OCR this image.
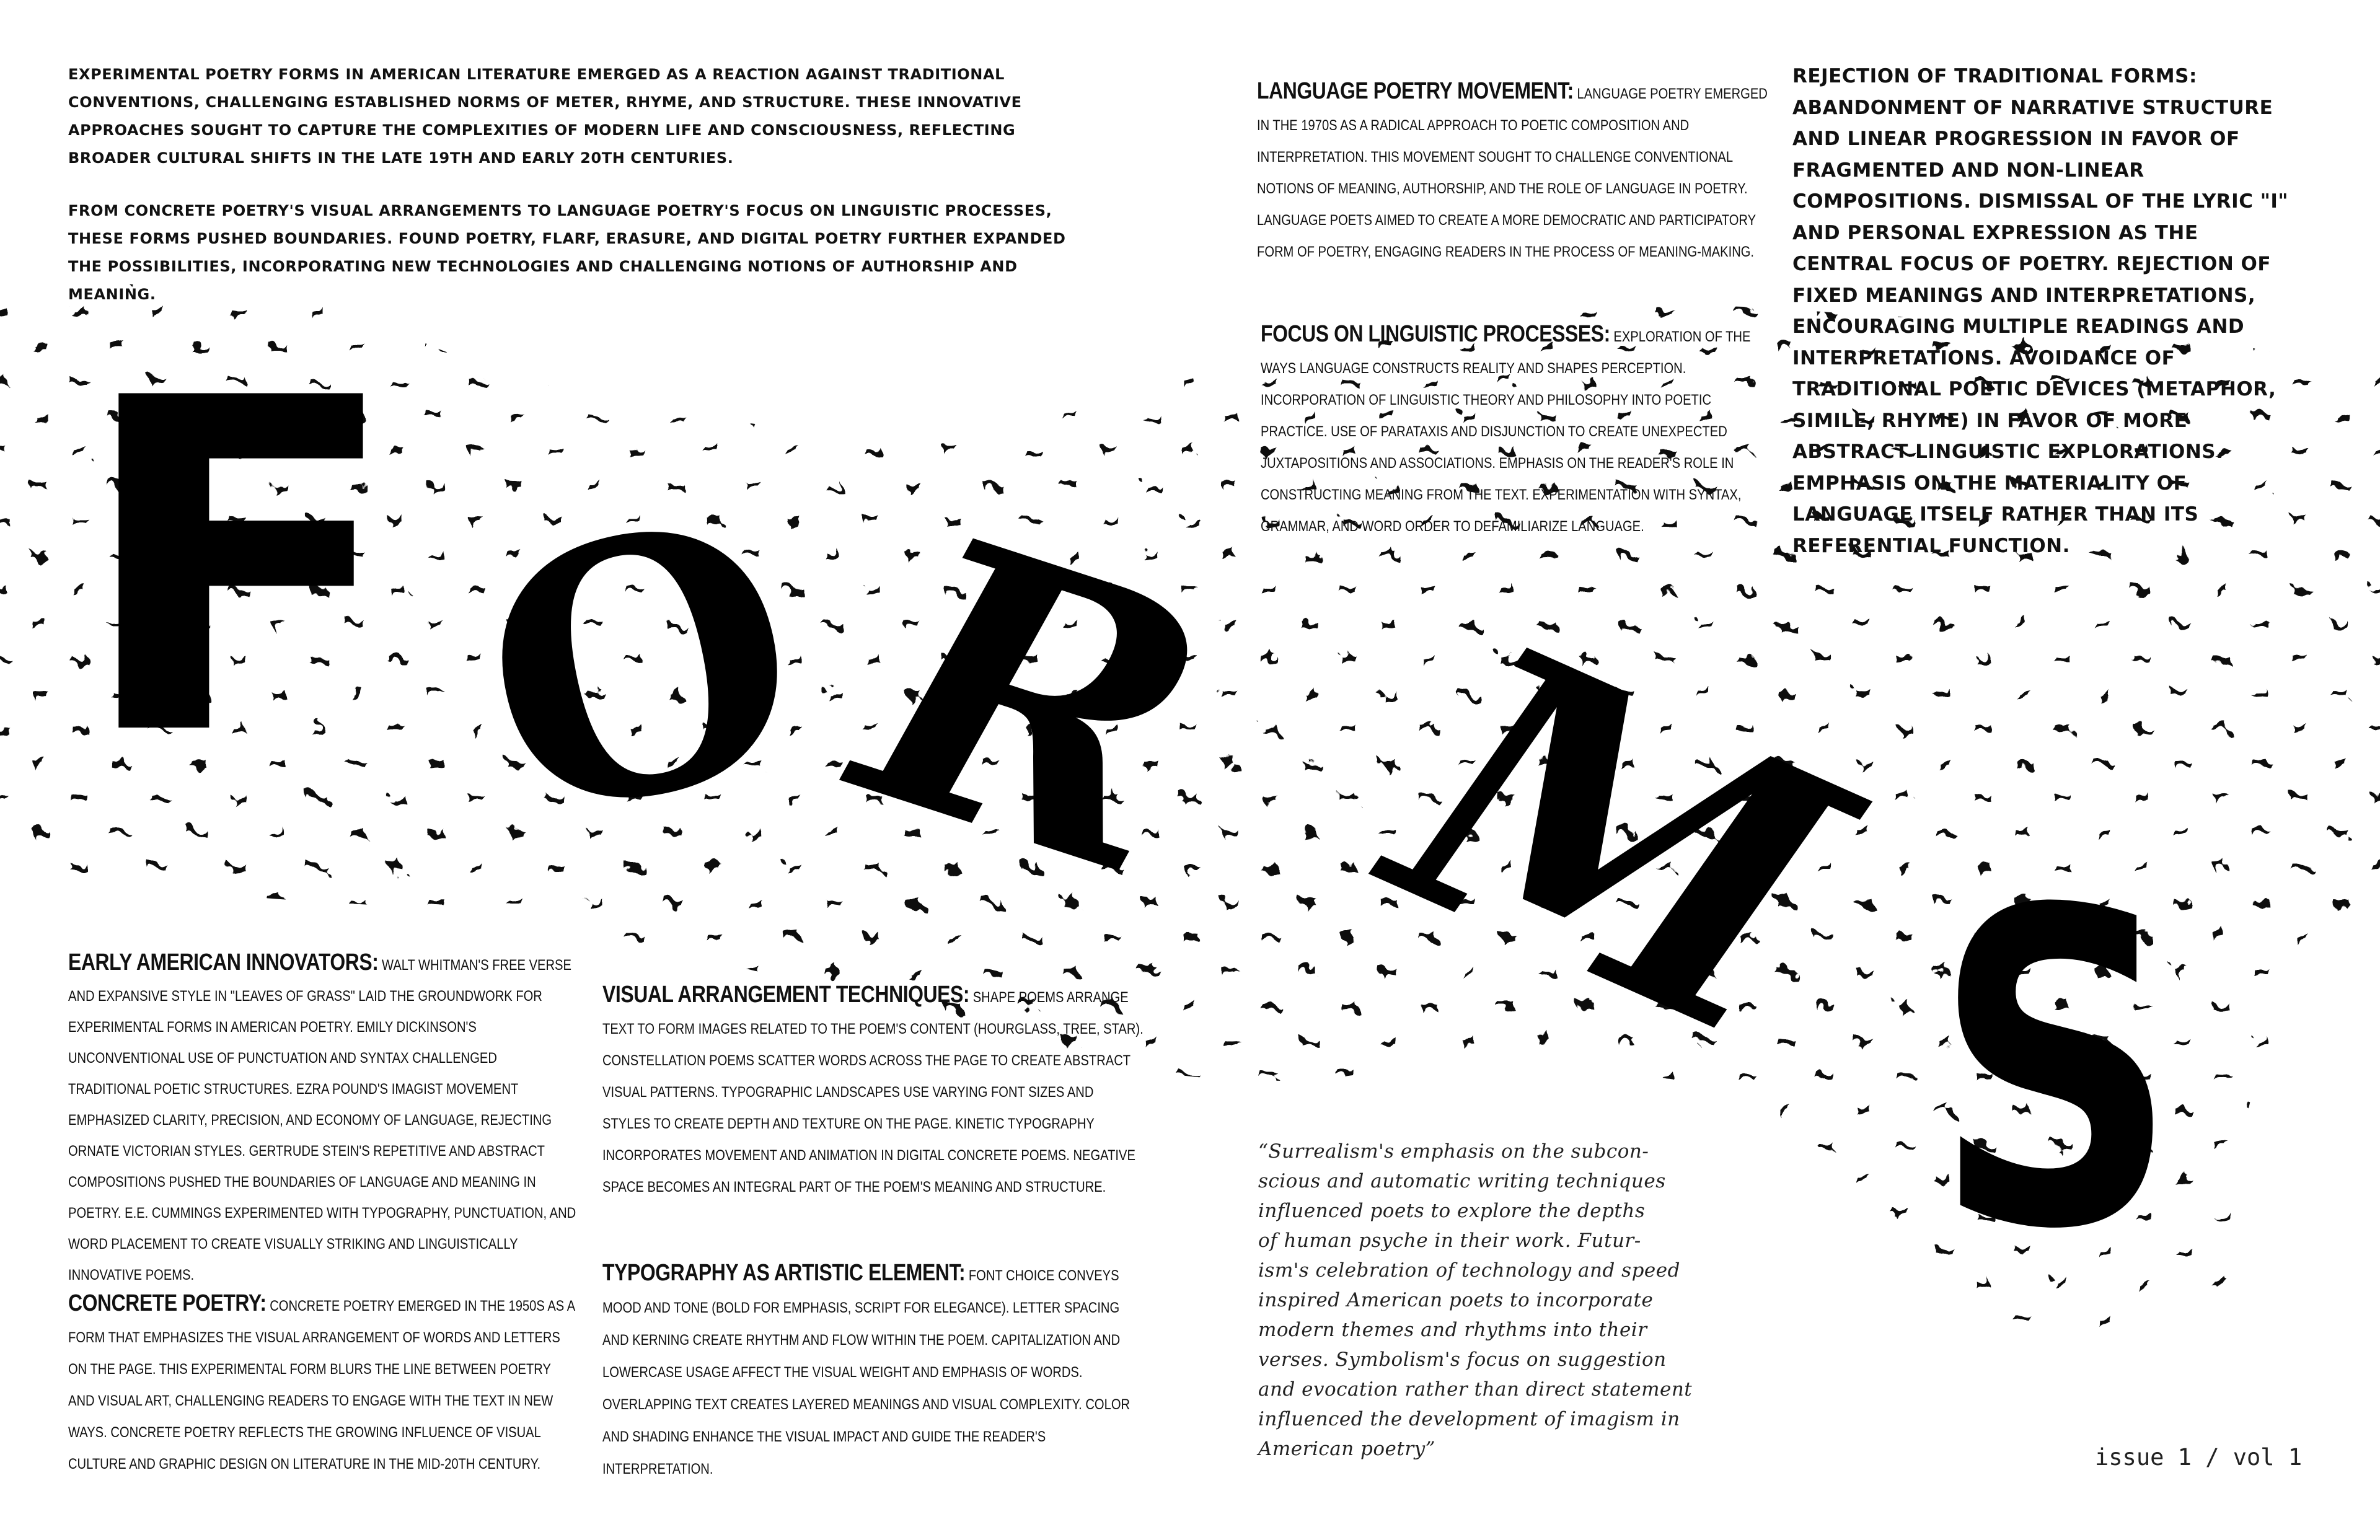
F O
R M S

EXPERIMENTAL POETRY FORMS IN AMERICAN LITERATURE EMERGED AS A REACTION AGAINST TRADITIONAL CONVENTIONS, CHALLENGING ESTABLISHED NORMS OF METER, RHYME, AND STRUCTURE. THESE INNOVATIVE APPROACHES SOUGHT TO CAPTURE THE COMPLEXITIES OF MODERN LIFE AND CONSCIOUSNESS, REFLECTING BROADER CULTURAL SHIFTS IN THE LATE 19TH AND EARLY 20TH CENTURIES.

FROM CONCRETE POETRY'S VISUAL ARRANGEMENTS TO LANGUAGE POETRY'S FOCUS ON LINGUISTIC PROCESSES, THESE FORMS PUSHED BOUNDARIES. FOUND POETRY, FLARF, ERASURE, AND DIGITAL POETRY FURTHER EXPANDED THE POSSIBILITIES, INCORPORATING NEW TECHNOLOGIES AND CHALLENGING NOTIONS OF AUTHORSHIP AND MEANING.

LANGUAGE POETRY MOVEMENT: LANGUAGE POETRY EMERGED IN THE 1970S AS A RADICAL APPROACH TO POETIC COMPOSITION AND INTERPRETATION. THIS MOVEMENT SOUGHT TO CHALLENGE CONVENTIONAL NOTIONS OF MEANING, AUTHORSHIP, AND THE ROLE OF LANGUAGE IN POETRY. LANGUAGE POETS AIMED TO CREATE A MORE DEMOCRATIC AND PARTICIPATORY FORM OF POETRY, ENGAGING READERS IN THE PROCESS OF MEANING-MAKING.
FOCUS ON LINGUISTIC PROCESSES: EXPLORATION OF THE WAYS LANGUAGE CONSTRUCTS REALITY AND SHAPES PERCEPTION. INCORPORATION OF LINGUISTIC THEORY AND PHILOSOPHY INTO POETIC PRACTICE. USE OF PARATAXIS AND DISJUNCTION TO CREATE UNEXPECTED JUXTAPOSITIONS AND ASSOCIATIONS. EMPHASIS ON THE READER'S ROLE IN CONSTRUCTING MEANING FROM THE TEXT. EXPERIMENTATION WITH SYNTAX, GRAMMAR, AND WORD ORDER TO DEFAMILIARIZE LANGUAGE.
REJECTION OF TRADITIONAL FORMS: ABANDONMENT OF NARRATIVE STRUCTURE AND LINEAR PROGRESSION IN FAVOR OF FRAGMENTED AND NON-LINEAR COMPOSITIONS. DISMISSAL OF THE LYRIC "I" AND PERSONAL EXPRESSION AS THE CENTRAL FOCUS OF POETRY. REJECTION OF FIXED MEANINGS AND INTERPRETATIONS, ENCOURAGING MULTIPLE READINGS AND INTERPRETATIONS. AVOIDANCE OF TRADITIONAL POETIC DEVICES (METAPHOR, SIMILE, RHYME) IN FAVOR OF MORE ABSTRACT LINGUISTIC EXPLORATIONS. EMPHASIS ON THE MATERIALITY OF LANGUAGE ITSELF RATHER THAN ITS REFERENTIAL FUNCTION.
EARLY AMERICAN INNOVATORS: WALT WHITMAN'S FREE VERSE AND EXPANSIVE STYLE IN "LEAVES OF GRASS" LAID THE GROUNDWORK FOR EXPERIMENTAL FORMS IN AMERICAN POETRY. EMILY DICKINSON'S UNCONVENTIONAL USE OF PUNCTUATION AND SYNTAX CHALLENGED TRADITIONAL POETIC STRUCTURES. EZRA POUND'S IMAGIST MOVEMENT EMPHASIZED CLARITY, PRECISION, AND ECONOMY OF LANGUAGE, REJECTING ORNATE VICTORIAN STYLES. GERTRUDE STEIN'S REPETITIVE AND ABSTRACT COMPOSITIONS PUSHED THE BOUNDARIES OF LANGUAGE AND MEANING IN POETRY. E.E. CUMMINGS EXPERIMENTED WITH TYPOGRAPHY, PUNCTUATION, AND WORD PLACEMENT TO CREATE VISUALLY STRIKING AND LINGUISTICALLY INNOVATIVE POEMS.
CONCRETE POETRY: CONCRETE POETRY EMERGED IN THE 1950S AS A FORM THAT EMPHASIZES THE VISUAL ARRANGEMENT OF WORDS AND LETTERS ON THE PAGE. THIS EXPERIMENTAL FORM BLURS THE LINE BETWEEN POETRY AND VISUAL ART, CHALLENGING READERS TO ENGAGE WITH THE TEXT IN NEW WAYS. CONCRETE POETRY REFLECTS THE GROWING INFLUENCE OF VISUAL CULTURE AND GRAPHIC DESIGN ON LITERATURE IN THE MID-20TH CENTURY.
VISUAL ARRANGEMENT TECHNIQUES: SHAPE POEMS ARRANGE TEXT TO FORM IMAGES RELATED TO THE POEM'S CONTENT (HOURGLASS, TREE, STAR). CONSTELLATION POEMS SCATTER WORDS ACROSS THE PAGE TO CREATE ABSTRACT VISUAL PATTERNS. TYPOGRAPHIC LANDSCAPES USE VARYING FONT SIZES AND STYLES TO CREATE DEPTH AND TEXTURE ON THE PAGE. KINETIC TYPOGRAPHY INCORPORATES MOVEMENT AND ANIMATION IN DIGITAL CONCRETE POEMS. NEGATIVE SPACE BECOMES AN INTEGRAL PART OF THE POEM'S MEANING AND STRUCTURE.
TYPOGRAPHY AS ARTISTIC ELEMENT: FONT CHOICE CONVEYS MOOD AND TONE (BOLD FOR EMPHASIS, SCRIPT FOR ELEGANCE). LETTER SPACING AND KERNING CREATE RHYTHM AND FLOW WITHIN THE POEM. CAPITALIZATION AND LOWERCASE USAGE AFFECT THE VISUAL WEIGHT AND EMPHASIS OF WORDS. OVERLAPPING TEXT CREATES LAYERED MEANINGS AND VISUAL COMPLEXITY. COLOR AND SHADING ENHANCE THE VISUAL IMPACT AND GUIDE THE READER'S INTERPRETATION.
“Surrealism's emphasis on the subcon-
scious and automatic writing techniques
influenced poets to explore the depths
of human psyche in their work. Futur-
ism's celebration of technology and speed
inspired American poets to incorporate
modern themes and rhythms into their
verses. Symbolism's focus on suggestion
and evocation rather than direct statement
influenced the development of imagism in
American poetry”	issue 1 / vol 1
